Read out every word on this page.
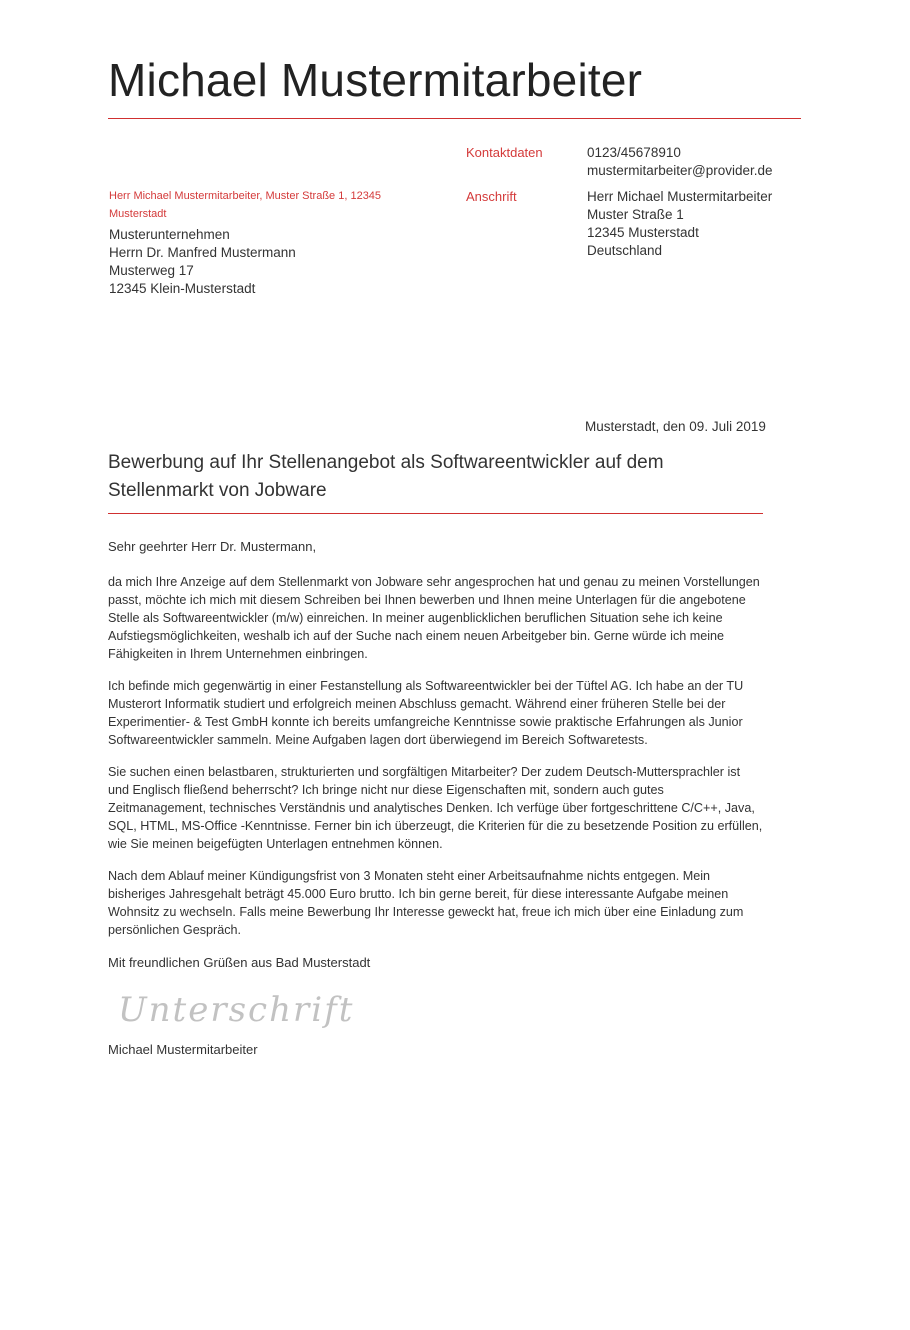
Michael Mustermitarbeiter
Kontaktdaten	0123/45678910
mustermitarbeiter@provider.de
Anschrift	Herr Michael Mustermitarbeiter
Muster Straße 1
12345 Musterstadt
Deutschland
Herr Michael Mustermitarbeiter, Muster Straße 1, 12345 Musterstadt
Musterunternehmen
Herrn Dr. Manfred Mustermann
Musterweg 17
12345 Klein-Musterstadt
Musterstadt, den 09. Juli 2019
Bewerbung auf Ihr Stellenangebot als Softwareentwickler auf dem Stellenmarkt von Jobware
Sehr geehrter Herr Dr. Mustermann,

da mich Ihre Anzeige auf dem Stellenmarkt von Jobware sehr angesprochen hat und genau zu meinen Vorstellungen passt, möchte ich mich mit diesem Schreiben bei Ihnen bewerben und Ihnen meine Unterlagen für die angebotene Stelle als Softwareentwickler (m/w) einreichen. In meiner augenblicklichen beruflichen Situation sehe ich keine Aufstiegsmöglichkeiten, weshalb ich auf der Suche nach einem neuen Arbeitgeber bin. Gerne würde ich meine Fähigkeiten in Ihrem Unternehmen einbringen.

Ich befinde mich gegenwärtig in einer Festanstellung als Softwareentwickler bei der Tüftel AG. Ich habe an der TU Musterort Informatik studiert und erfolgreich meinen Abschluss gemacht. Während einer früheren Stelle bei der Experimentier- & Test GmbH konnte ich bereits umfangreiche Kenntnisse sowie praktische Erfahrungen als Junior Softwareentwickler sammeln. Meine Aufgaben lagen dort überwiegend im Bereich Softwaretests.

Sie suchen einen belastbaren, strukturierten und sorgfältigen Mitarbeiter? Der zudem Deutsch-Muttersprachler ist und Englisch fließend beherrscht? Ich bringe nicht nur diese Eigenschaften mit, sondern auch gutes Zeitmanagement, technisches Verständnis und analytisches Denken. Ich verfüge über fortgeschrittene C/C++, Java, SQL, HTML, MS-Office -Kenntnisse. Ferner bin ich überzeugt, die Kriterien für die zu besetzende Position zu erfüllen, wie Sie meinen beigefügten Unterlagen entnehmen können.

Nach dem Ablauf meiner Kündigungsfrist von 3 Monaten steht einer Arbeitsaufnahme nichts entgegen. Mein bisheriges Jahresgehalt beträgt 45.000 Euro brutto. Ich bin gerne bereit, für diese interessante Aufgabe meinen Wohnsitz zu wechseln. Falls meine Bewerbung Ihr Interesse geweckt hat, freue ich mich über eine Einladung zum persönlichen Gespräch.

Mit freundlichen Grüßen aus Bad Musterstadt
Unterschrift
Michael Mustermitarbeiter
